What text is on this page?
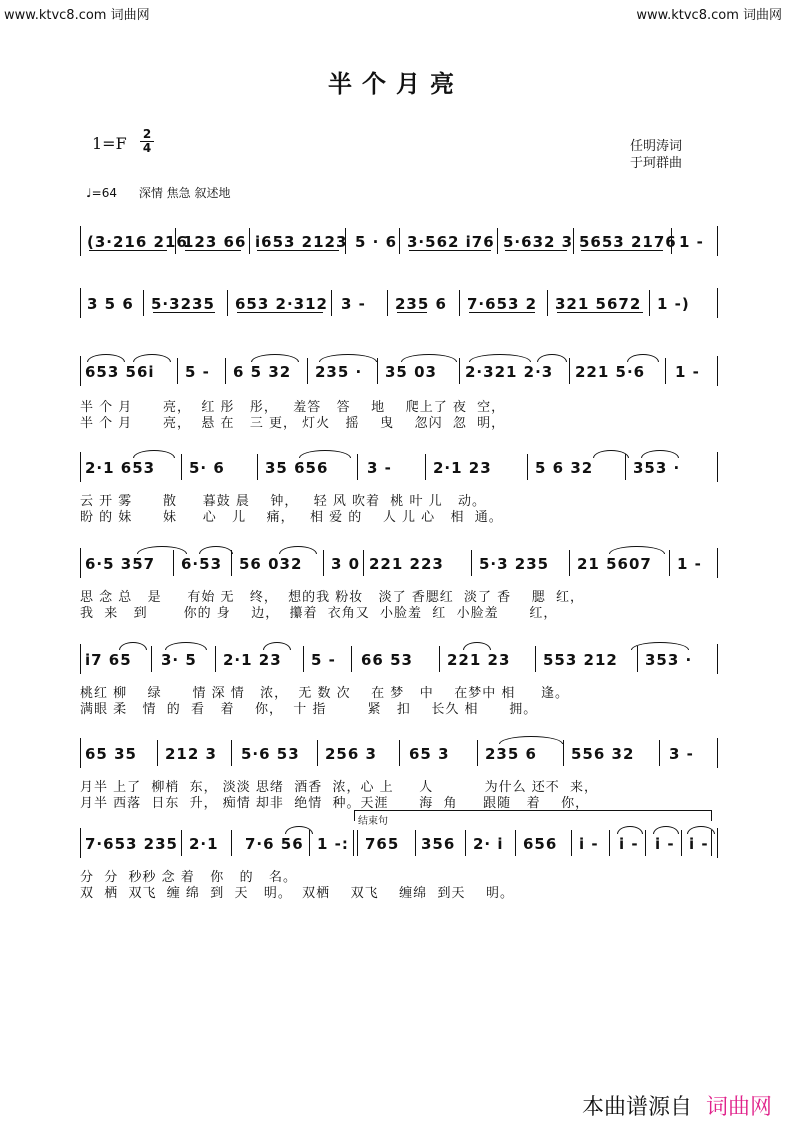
www.ktvc8.com 词曲网	www.ktvc8.com 词曲网
半个月亮
$1=F \frac{2}{4}$	任明涛词
于珂群曲
♩=64 深情 焦急 叙述地
(3·216 216
123 66 i653 2123 5 · 6 3·562 i76 5·632 3 5653 2176 1 -
3 5 6 5·3235 653 2·312 3 - 235 6 7·653 2 321 5672 1 -)
653 56i 5 - 6 5 32 235 · 35 03 2·321 2·3 221 5·6 1 -
半 个 月      亮，  红 彤   彤，   羞答   答    地    爬上了 夜  空，
半 个 月      亮，  悬 在   三 更， 灯火   摇    曳    忽闪  忽  明，
2·1 653 5· 6	35 656	3 -	2·1 23	5 6 32	353 ·
云 开 雾      散     暮鼓 晨    钟，   轻 风 吹着  桃 叶 儿   动。
盼 的 妹      妹     心   儿    痛，   相 爱 的    人 儿 心   相  通。
6·5 357 6·53 56 032 3 0 221 223 5·3 235 21 5607 1 -
思 念 总   是     有始 无   终，  想的我 粉妆   淡了 香腮红  淡了 香    腮  红，
我  来   到       你的 身    边，  攥着  衣角又  小脸羞  红  小脸羞      红，
i7 65 3· 5 2·1 23 5 - 66 53 221 23 553 212 353 ·
桃红 柳    绿      情 深 情   浓，  无 数 次    在 梦   中    在梦中 相     逢。
满眼 柔   情  的  看   着    你，  十 指        紧   扣    长久 相      拥。
65 35 212 3 5·6 53 256 3 65 3 235 6 556 32 3 -
月半 上了  柳梢  东， 淡淡 思绪  酒香  浓，心 上     人          为什么 还不  来，
月半 西落  日东  升， 痴情 却非  绝情  种。天涯      海  角     跟随   着    你，
结束句
7·653 235 2·1 7·6 56 1 -: 765 356 2· i 656 i - i - i - i -
分  分  秒秒 念 着   你   的   名。
双  栖  双飞  缠 绵  到  天   明。  双栖    双飞    缠绵  到天    明。
本曲谱源自 词曲网
